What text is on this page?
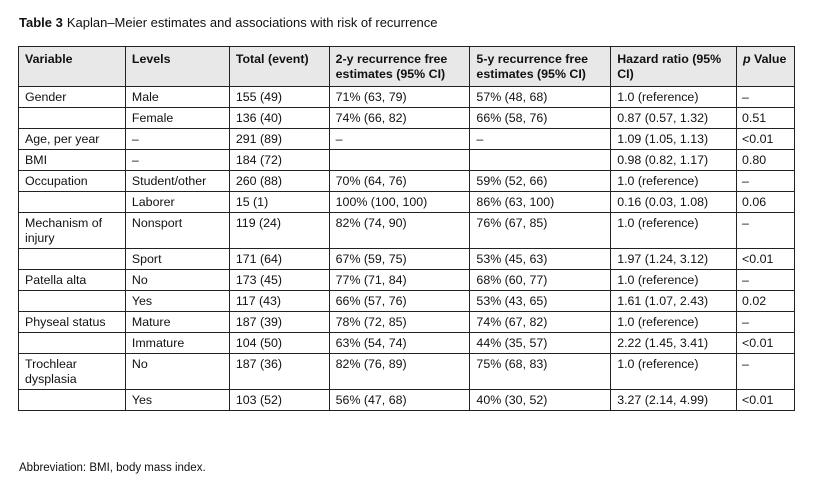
Table 3 Kaplan–Meier estimates and associations with risk of recurrence
Variable	Levels	Total (event)	2-y recurrence free estimates (95% CI)	5-y recurrence free estimates (95% CI)	Hazard ratio (95% CI)	p Value
Gender	Male	155 (49)	71% (63, 79)	57% (48, 68)	1.0 (reference)	–
	Female	136 (40)	74% (66, 82)	66% (58, 76)	0.87 (0.57, 1.32)	0.51
Age, per year	–	291 (89)	–	–	1.09 (1.05, 1.13)	<0.01
BMI	–	184 (72)			0.98 (0.82, 1.17)	0.80
Occupation	Student/other	260 (88)	70% (64, 76)	59% (52, 66)	1.0 (reference)	–
	Laborer	15 (1)	100% (100, 100)	86% (63, 100)	0.16 (0.03, 1.08)	0.06
Mechanism of injury	Nonsport	119 (24)	82% (74, 90)	76% (67, 85)	1.0 (reference)	–
	Sport	171 (64)	67% (59, 75)	53% (45, 63)	1.97 (1.24, 3.12)	<0.01
Patella alta	No	173 (45)	77% (71, 84)	68% (60, 77)	1.0 (reference)	–
	Yes	117 (43)	66% (57, 76)	53% (43, 65)	1.61 (1.07, 2.43)	0.02
Physeal status	Mature	187 (39)	78% (72, 85)	74% (67, 82)	1.0 (reference)	–
	Immature	104 (50)	63% (54, 74)	44% (35, 57)	2.22 (1.45, 3.41)	<0.01
Trochlear dysplasia	No	187 (36)	82% (76, 89)	75% (68, 83)	1.0 (reference)	–
	Yes	103 (52)	56% (47, 68)	40% (30, 52)	3.27 (2.14, 4.99)	<0.01
Abbreviation: BMI, body mass index.
